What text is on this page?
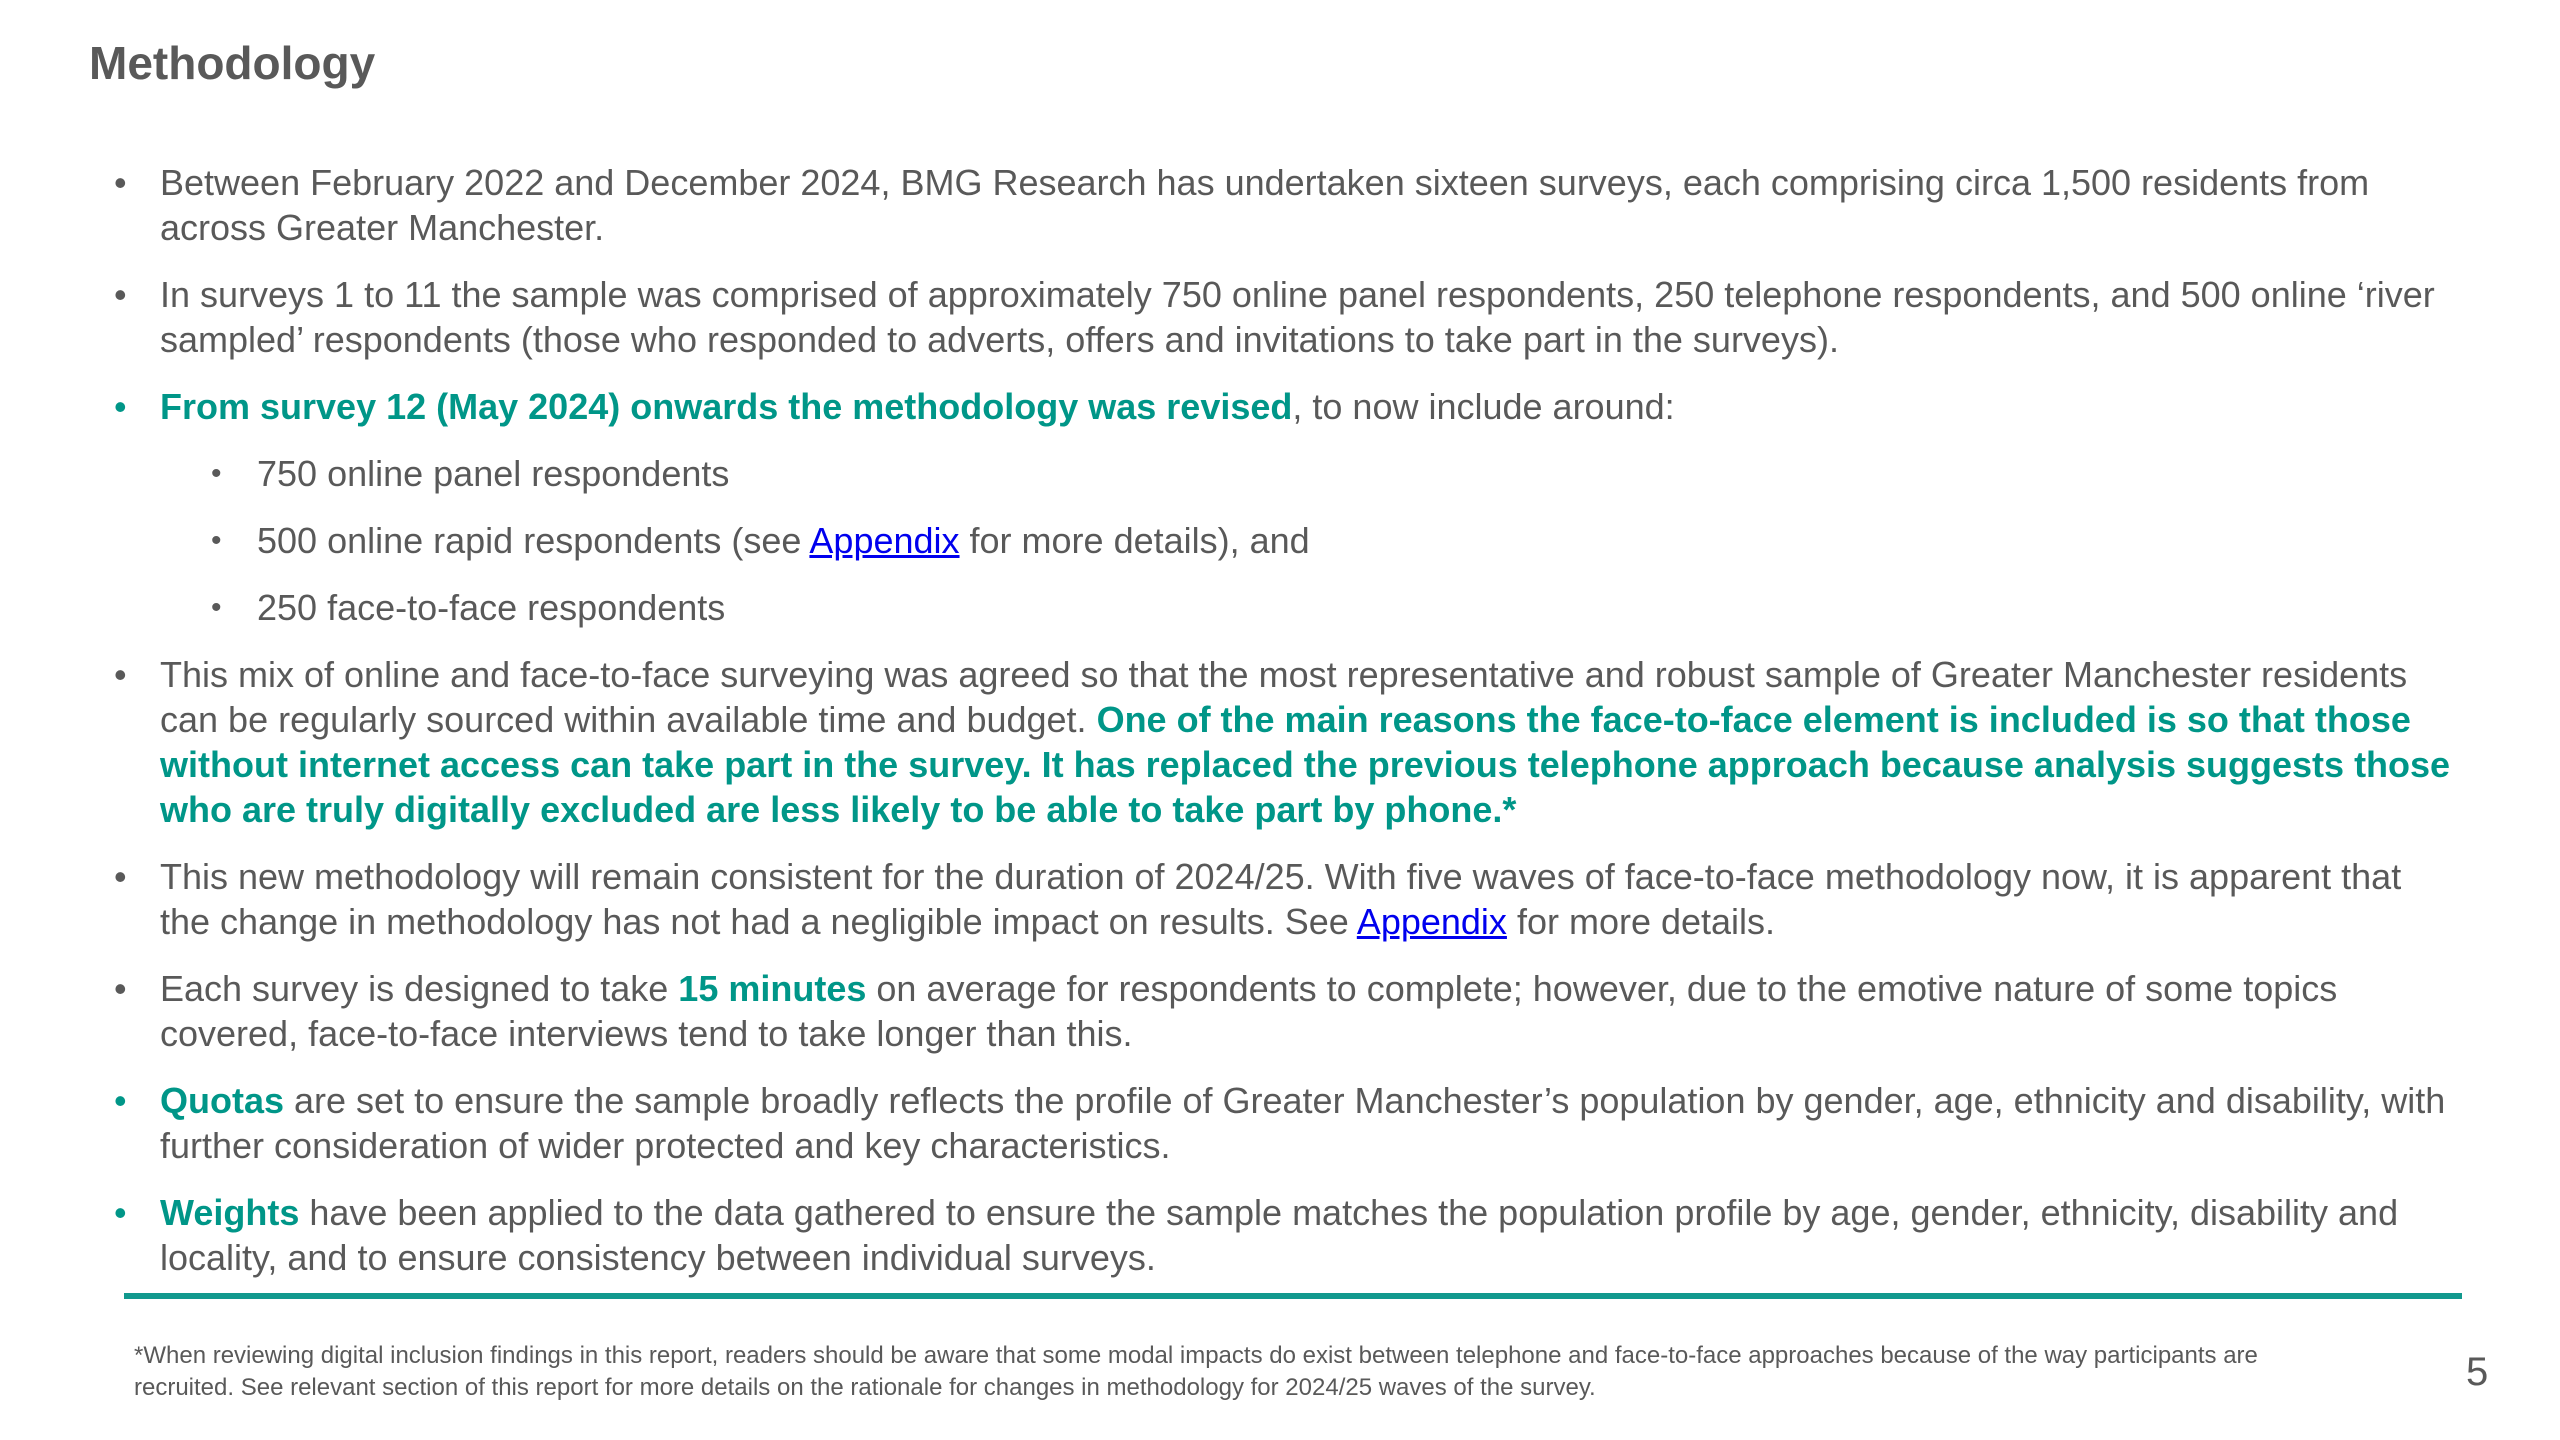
Methodology
• Between February 2022 and December 2024, BMG Research has undertaken sixteen surveys, each comprising circa 1,500 residents from across Greater Manchester.
• In surveys 1 to 11 the sample was comprised of approximately 750 online panel respondents, 250 telephone respondents, and 500 online ‘river sampled’ respondents (those who responded to adverts, offers and invitations to take part in the surveys).
• From survey 12 (May 2024) onwards the methodology was revised, to now include around:
• 750 online panel respondents
• 500 online rapid respondents (see Appendix for more details), and
• 250 face-to-face respondents
• This mix of online and face-to-face surveying was agreed so that the most representative and robust sample of Greater Manchester residents can be regularly sourced within available time and budget. One of the main reasons the face-to-face element is included is so that those without internet access can take part in the survey. It has replaced the previous telephone approach because analysis suggests those who are truly digitally excluded are less likely to be able to take part by phone.*
• This new methodology will remain consistent for the duration of 2024/25. With five waves of face-to-face methodology now, it is apparent that the change in methodology has not had a negligible impact on results. See Appendix for more details.
• Each survey is designed to take 15 minutes on average for respondents to complete; however, due to the emotive nature of some topics covered, face-to-face interviews tend to take longer than this.
• Quotas are set to ensure the sample broadly reflects the profile of Greater Manchester’s population by gender, age, ethnicity and disability, with further consideration of wider protected and key characteristics.
• Weights have been applied to the data gathered to ensure the sample matches the population profile by age, gender, ethnicity, disability and locality, and to ensure consistency between individual surveys.
*When reviewing digital inclusion findings in this report, readers should be aware that some modal impacts do exist between telephone and face-to-face approaches because of the way participants are recruited. See relevant section of this report for more details on the rationale for changes in methodology for 2024/25 waves of the survey.	5
